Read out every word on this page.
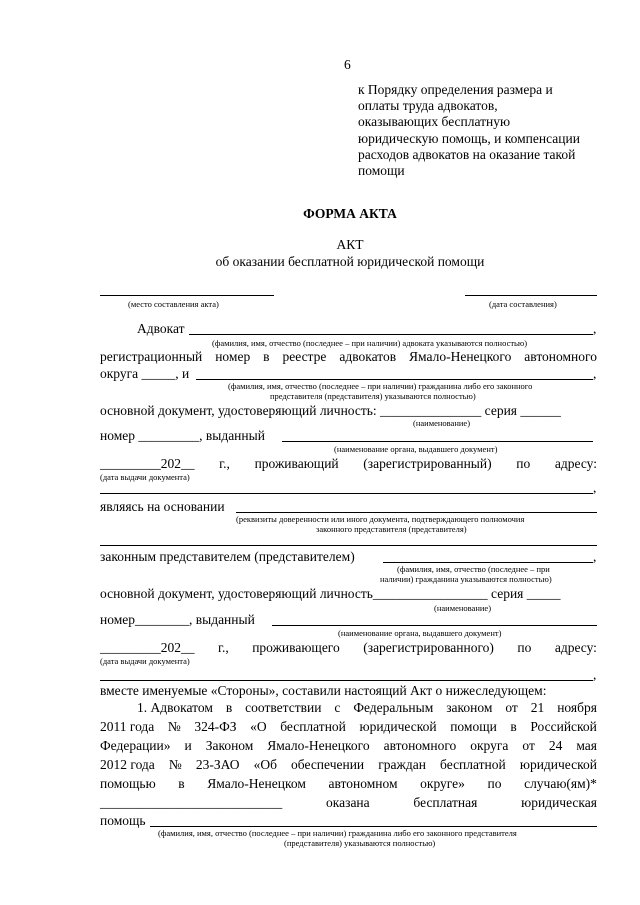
6
к Порядку определения размера и
оплаты труда адвокатов,
оказывающих бесплатную
юридическую помощь, и компенсации
расходов адвокатов на оказание такой
помощи
ФОРМА АКТА
АКТ
об оказании бесплатной юридической помощи
(место составления акта)	(дата составления)
Адвокат	,
(фамилия, имя, отчество (последнее – при наличии) адвоката указываются полностью)
регистрационный номер в реестре адвокатов Ямало-Ненецкого автономного
округа _____, и	,
(фамилия, имя, отчество (последнее – при наличии) гражданина либо его законного
представителя (представителя) указываются полностью)
основной документ, удостоверяющий личность: _______________ серия ______
(наименование)
номер _________, выданный
(наименование органа, выдавшего документ)
_________202__ г., проживающий (зарегистрированный) по адресу:
(дата выдачи документа)
,
являясь на основании
(реквизиты доверенности или иного документа, подтверждающего полномочия
законного представителя (представителя)
законным представителем (представителем)	,
(фамилия, имя, отчество (последнее – при
наличии) гражданина указываются полностью)
основной документ, удостоверяющий личность_________________ серия _____
(наименование)
номер________, выданный
(наименование органа, выдавшего документ)
_________202__ г., проживающего (зарегистрированного) по адресу:
(дата выдачи документа)
,
вместе именуемые «Стороны», составили настоящий Акт о нижеследующем:
1. Адвокатом в соответствии с Федеральным законом от 21 ноября
2011 года № 324-ФЗ «О бесплатной юридической помощи в Российской
Федерации» и Законом Ямало-Ненецкого автономного округа от 24 мая
2012 года № 23-ЗАО «Об обеспечении граждан бесплатной юридической
помощью в Ямало-Ненецком автономном округе» по случаю(ям)*
___________________________	оказана	бесплатная	юридическая
помощь
(фамилия, имя, отчество (последнее – при наличии) гражданина либо его законного представителя
(представителя) указываются полностью)
